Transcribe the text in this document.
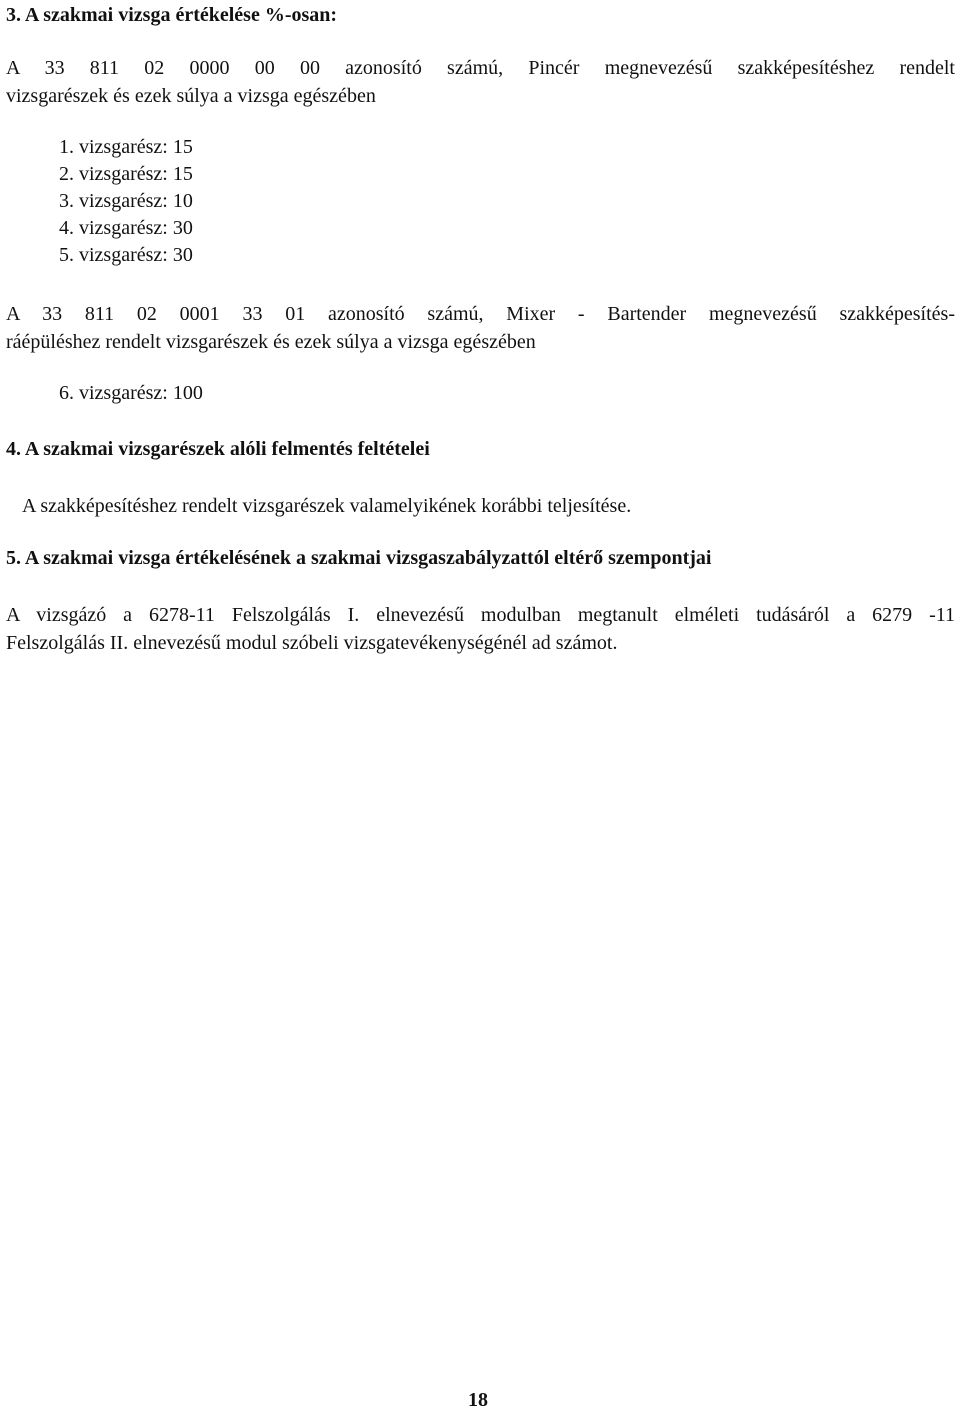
3. A szakmai vizsga értékelése %-osan:
A 33 811 02 0000 00 00 azonosító számú, Pincér megnevezésű szakképesítéshez rendelt
vizsgarészek és ezek súlya a vizsga egészében
1. vizsgarész: 15
2. vizsgarész: 15
3. vizsgarész: 10
4. vizsgarész: 30
5. vizsgarész: 30
A 33 811 02 0001 33 01 azonosító számú, Mixer - Bartender megnevezésű szakképesítés-
ráépüléshez rendelt vizsgarészek és ezek súlya a vizsga egészében
6. vizsgarész: 100
4. A szakmai vizsgarészek alóli felmentés feltételei
A szakképesítéshez rendelt vizsgarészek valamelyikének korábbi teljesítése.
5. A szakmai vizsga értékelésének a szakmai vizsgaszabályzattól eltérő szempontjai
A vizsgázó a 6278-11 Felszolgálás I. elnevezésű modulban megtanult elméleti tudásáról a 6279 -11
Felszolgálás II. elnevezésű modul szóbeli vizsgatevékenységénél ad számot.
18
